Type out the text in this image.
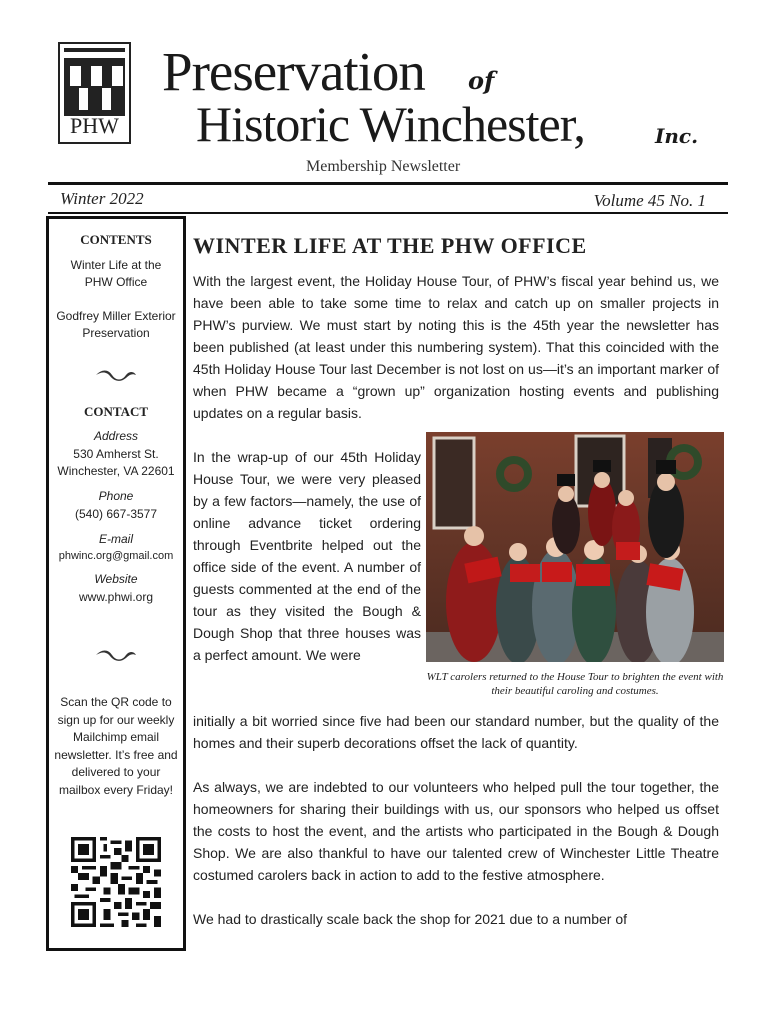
PHW
Preservation of
Historic Winchester,	Inc.
Membership Newsletter
Winter 2022	Volume 45 No. 1
CONTENTS
Winter Life at the PHW Office
Godfrey Miller Exterior Preservation
CONTACT
Address
530 Amherst St.
Winchester, VA 22601
Phone
(540) 667-3577
E-mail
phwinc.org@gmail.com
Website
www.phwi.org
Scan the QR code to sign up for our weekly Mailchimp email newsletter. It’s free and delivered to your mailbox every Friday!
WINTER LIFE AT THE PHW OFFICE
With the largest event, the Holiday House Tour, of PHW’s fiscal year behind us, we have been able to take some time to relax and catch up on smaller projects in PHW’s purview. We must start by noting this is the 45th year the newsletter has been published (at least under this numbering system). That this coincided with the 45th Holiday House Tour last December is not lost on us—it’s an important marker of when PHW became a “grown up” organization hosting events and publishing updates on a regular basis.
In the wrap-up of our 45th Holiday House Tour, we were very pleased by a few factors—namely, the use of online advance ticket ordering through Eventbrite helped out the office side of the event. A number of guests commented at the end of the tour as they visited the Bough & Dough Shop that three houses was a perfect amount. We were
initially a bit worried since five had been our standard number, but the quality of the homes and their superb decorations offset the lack of quantity.
As always, we are indebted to our volunteers who helped pull the tour together, the homeowners for sharing their buildings with us, our sponsors who helped us offset the costs to host the event, and the artists who participated in the Bough & Dough Shop. We are also thankful to have our talented crew of Winchester Little Theatre costumed carolers back in action to add to the festive atmosphere.
We had to drastically scale back the shop for 2021 due to a number of
WLT carolers returned to the House Tour to brighten the event with their beautiful caroling and costumes.
